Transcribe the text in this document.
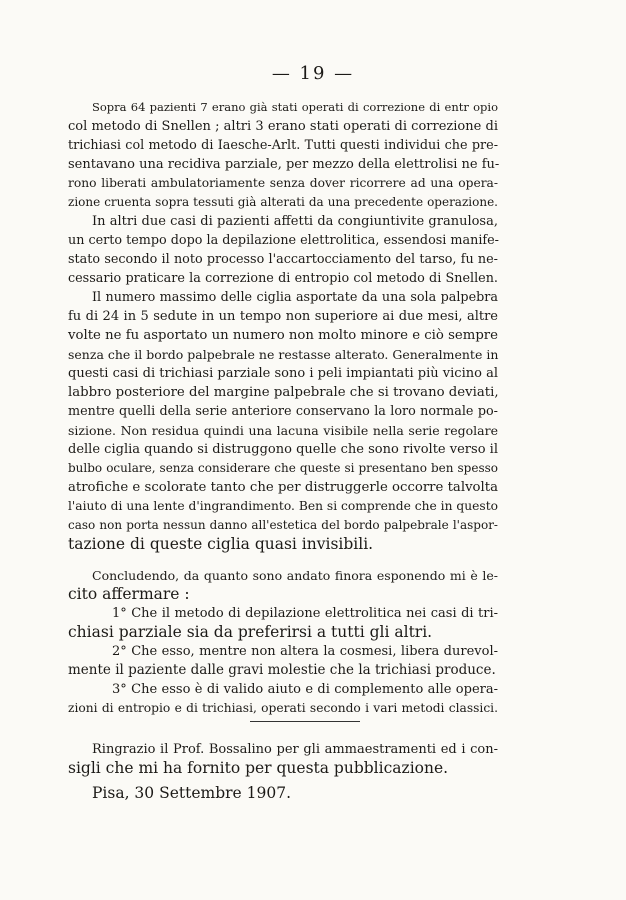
— 19 —
Sopra 64 pazienti 7 erano già stati operati di correzione di entr opio
col metodo di Snellen ; altri 3 erano stati operati di correzione di
trichiasi col metodo di Iaesche-Arlt. Tutti questi individui che pre-
sentavano una recidiva parziale, per mezzo della elettrolisi ne fu-
rono liberati ambulatoriamente senza dover ricorrere ad una opera-
zione cruenta sopra tessuti già alterati da una precedente operazione.
In altri due casi di pazienti affetti da congiuntivite granulosa,
un certo tempo dopo la depilazione elettrolitica, essendosi manife-
stato secondo il noto processo l'accartocciamento del tarso, fu ne-
cessario praticare la correzione di entropio col metodo di Snellen.
Il numero massimo delle ciglia asportate da una sola palpebra
fu di 24 in 5 sedute in un tempo non superiore ai due mesi, altre
volte ne fu asportato un numero non molto minore e ciò sempre
senza che il bordo palpebrale ne restasse alterato. Generalmente in
questi casi di trichiasi parziale sono i peli impiantati più vicino al
labbro posteriore del margine palpebrale che si trovano deviati,
mentre quelli della serie anteriore conservano la loro normale po-
sizione. Non residua quindi una lacuna visibile nella serie regolare
delle ciglia quando si distruggono quelle che sono rivolte verso il
bulbo oculare, senza considerare che queste si presentano ben spesso
atrofiche e scolorate tanto che per distruggerle occorre talvolta
l'aiuto di una lente d'ingrandimento. Ben si comprende che in questo
caso non porta nessun danno all'estetica del bordo palpebrale l'aspor-
tazione di queste ciglia quasi invisibili.
Concludendo, da quanto sono andato finora esponendo mi è le-
cito affermare :
1° Che il metodo di depilazione elettrolitica nei casi di tri-
chiasi parziale sia da preferirsi a tutti gli altri.
2° Che esso, mentre non altera la cosmesi, libera durevol-
mente il paziente dalle gravi molestie che la trichiasi produce.
3° Che esso è di valido aiuto e di complemento alle opera-
zioni di entropio e di trichiasi, operati secondo i vari metodi classici.
Ringrazio il Prof. Bossalino per gli ammaestramenti ed i con-
sigli che mi ha fornito per questa pubblicazione.
Pisa, 30 Settembre 1907.
